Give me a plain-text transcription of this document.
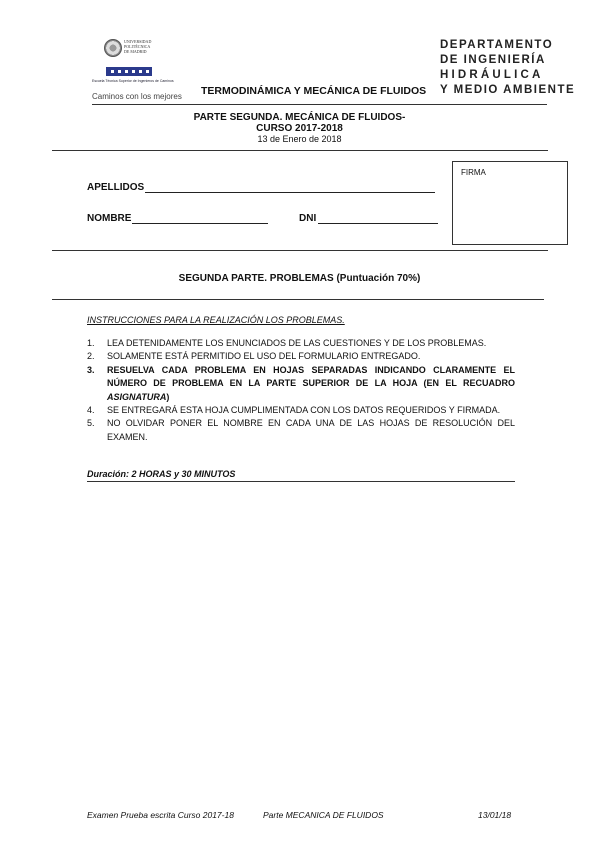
UNIVERSIDAD
POLITÉCNICA
DE MADRID
Escuela Técnica Superior de Ingenieros de Caminos
Caminos con los mejores TERMODINÁMICA Y MECÁNICA DE FLUIDOS
DEPARTAMENTO
DE INGENIERÍA
HIDRÁULICA
Y MEDIO AMBIENTE
PARTE SEGUNDA. MECÁNICA DE FLUIDOS-
CURSO 2017-2018
13 de Enero de 2018
APELLIDOS
NOMBRE	DNI
FIRMA
SEGUNDA PARTE. PROBLEMAS (Puntuación 70%)
INSTRUCCIONES PARA LA REALIZACIÓN LOS PROBLEMAS.
1. LEA DETENIDAMENTE LOS ENUNCIADOS DE LAS CUESTIONES Y DE LOS PROBLEMAS.
2. SOLAMENTE ESTÁ PERMITIDO EL USO DEL FORMULARIO ENTREGADO.
3. RESUELVA CADA PROBLEMA EN HOJAS SEPARADAS INDICANDO CLARAMENTE EL NÚMERO DE PROBLEMA EN LA PARTE SUPERIOR DE LA HOJA (EN EL RECUADRO ASIGNATURA)
4. SE ENTREGARÁ ESTA HOJA CUMPLIMENTADA CON LOS DATOS REQUERIDOS Y FIRMADA.
5. NO OLVIDAR PONER EL NOMBRE EN CADA UNA DE LAS HOJAS DE RESOLUCIÓN DEL EXAMEN.
Duración: 2 HORAS y 30 MINUTOS
Examen Prueba escrita Curso 2017-18	Parte MECANICA DE FLUIDOS	13/01/18
